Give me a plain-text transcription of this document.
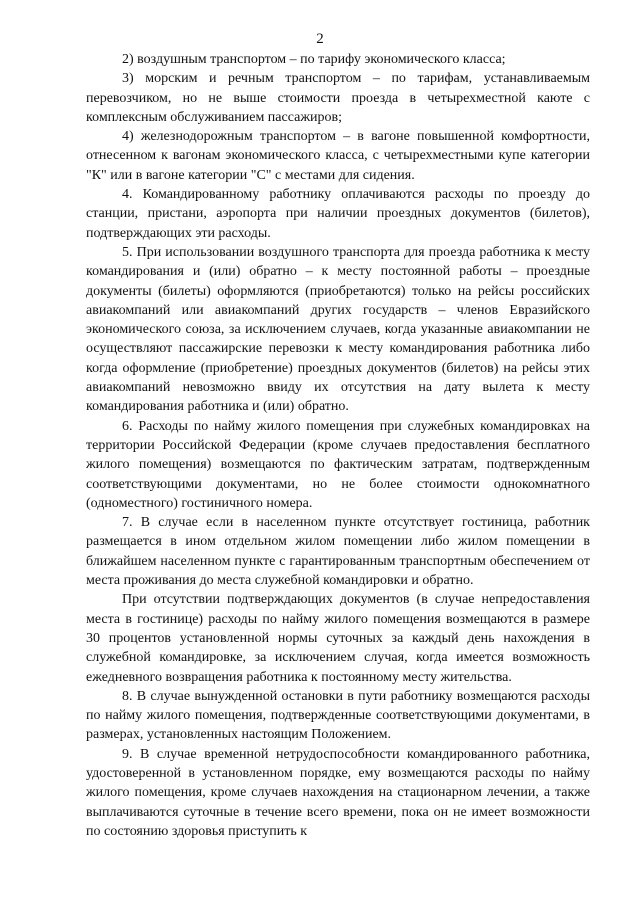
2

2) воздушным транспортом – по тарифу экономического класса;

3) морским и речным транспортом – по тарифам, устанавливаемым перевозчиком, но не выше стоимости проезда в четырехместной каюте с комплексным обслуживанием пассажиров;

4) железнодорожным транспортом – в вагоне повышенной комфортности, отнесенном к вагонам экономического класса, с четырехместными купе категории "К" или в вагоне категории "С" с местами для сидения.

4. Командированному работнику оплачиваются расходы по проезду до станции, пристани, аэропорта при наличии проездных документов (билетов), подтверждающих эти расходы.

5. При использовании воздушного транспорта для проезда работника к месту командирования и (или) обратно – к месту постоянной работы – проездные документы (билеты) оформляются (приобретаются) только на рейсы российских авиакомпаний или авиакомпаний других государств – членов Евразийского экономического союза, за исключением случаев, когда указанные авиакомпании не осуществляют пассажирские перевозки к месту командирования работника либо когда оформление (приобретение) проездных документов (билетов) на рейсы этих авиакомпаний невозможно ввиду их отсутствия на дату вылета к месту командирования работника и (или) обратно.

6. Расходы по найму жилого помещения при служебных командировках на территории Российской Федерации (кроме случаев предоставления бесплатного жилого помещения) возмещаются по фактическим затратам, подтвержденным соответствующими документами, но не более стоимости однокомнатного (одноместного) гостиничного номера.

7. В случае если в населенном пункте отсутствует гостиница, работник размещается в ином отдельном жилом помещении либо жилом помещении в ближайшем населенном пункте с гарантированным транспортным обеспечением от места проживания до места служебной командировки и обратно.

При отсутствии подтверждающих документов (в случае непредоставления места в гостинице) расходы по найму жилого помещения возмещаются в размере 30 процентов установленной нормы суточных за каждый день нахождения в служебной командировке, за исключением случая, когда имеется возможность ежедневного возвращения работника к постоянному месту жительства.

8. В случае вынужденной остановки в пути работнику возмещаются расходы по найму жилого помещения, подтвержденные соответствующими документами, в размерах, установленных настоящим Положением.

9. В случае временной нетрудоспособности командированного работника, удостоверенной в установленном порядке, ему возмещаются расходы по найму жилого помещения, кроме случаев нахождения на стационарном лечении, а также выплачиваются суточные в течение всего времени, пока он не имеет возможности по состоянию здоровья приступить к
